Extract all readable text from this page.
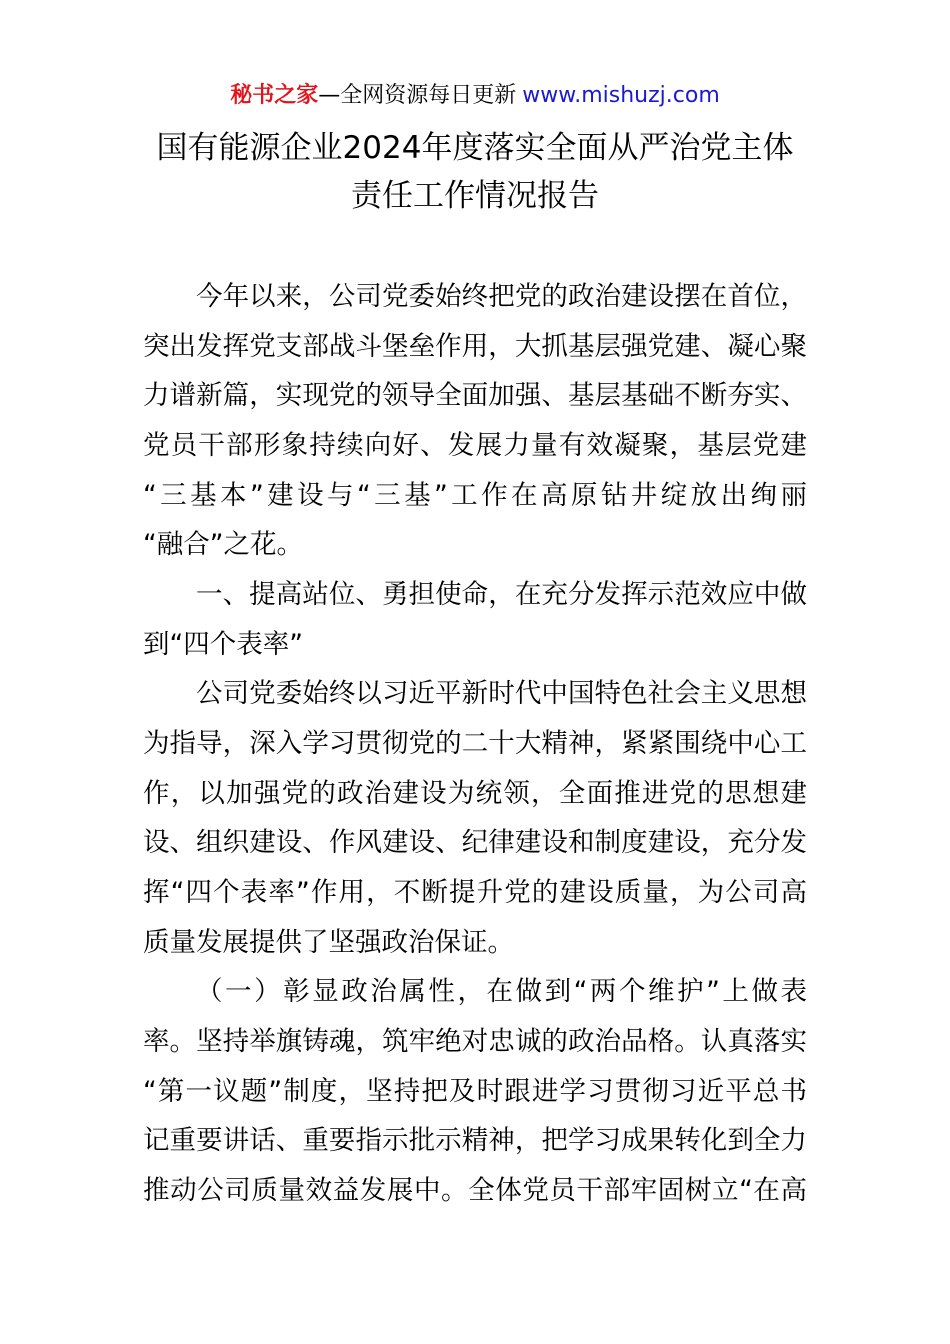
秘书之家—全网资源每日更新 www.mishuzj.com
国有能源企业2024年度落实全面从严治党主体
责任工作情况报告
今年以来，公司党委始终把党的政治建设摆在首位，
突出发挥党支部战斗堡垒作用，大抓基层强党建、凝心聚
力谱新篇，实现党的领导全面加强、基层基础不断夯实、
党员干部形象持续向好、发展力量有效凝聚，基层党建
“三基本”建设与“三基”工作在高原钻井绽放出绚丽
“融合”之花。
一、提高站位、勇担使命，在充分发挥示范效应中做
到“四个表率”
公司党委始终以习近平新时代中国特色社会主义思想
为指导，深入学习贯彻党的二十大精神，紧紧围绕中心工
作，以加强党的政治建设为统领，全面推进党的思想建
设、组织建设、作风建设、纪律建设和制度建设，充分发
挥“四个表率”作用，不断提升党的建设质量，为公司高
质量发展提供了坚强政治保证。
（一）彰显政治属性，在做到“两个维护”上做表
率。坚持举旗铸魂，筑牢绝对忠诚的政治品格。认真落实
“第一议题”制度，坚持把及时跟进学习贯彻习近平总书
记重要讲话、重要指示批示精神，把学习成果转化到全力
推动公司质量效益发展中。全体党员干部牢固树立“在高
